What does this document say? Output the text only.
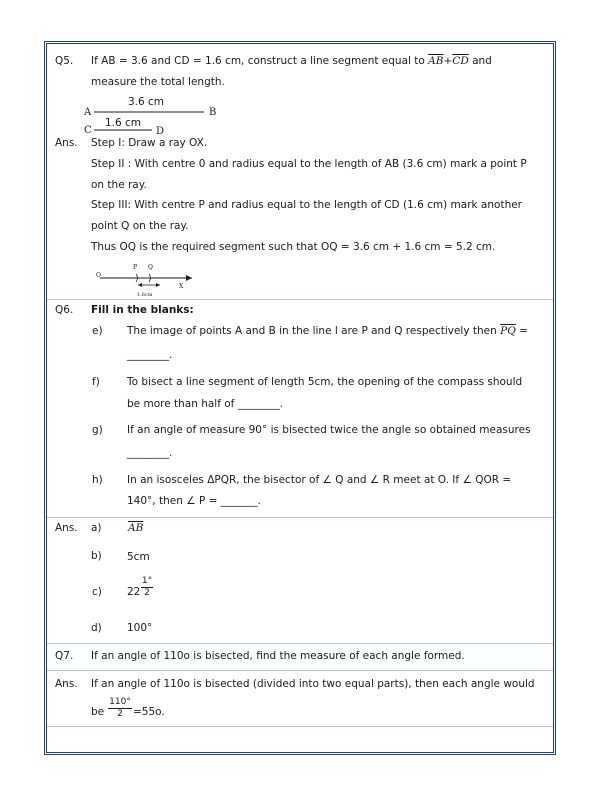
Q5. If AB = 3.6 and CD = 1.6 cm, construct a line segment equal to $\overline{AB}+\overline{CD}$ and
measure the total length.
3.6 cm
A	B
1.6 cm
C	D
Ans. Step I: Draw a ray OX.
Step II : With centre 0 and radius equal to the length of AB (3.6 cm) mark a point P
on the ray.
Step III: With centre P and radius equal to the length of CD (1.6 cm) mark another
point Q on the ray.
Thus OQ is the required segment such that OQ = 3.6 cm + 1.6 cm = 5.2 cm.
O
P Q
X
1.6cm
Q6. Fill in the blanks:
e) The image of points A and B in the line l are P and Q respectively then $\overline{PQ}$ =
________.
f)	To bisect a line segment of length 5cm, the opening of the compass should
be more than half of ________.
g) If an angle of measure 90° is bisected twice the angle so obtained measures
________.
h) In an isosceles ΔPQR, the bisector of ∠ Q and ∠ R meet at O. If ∠ QOR =
140°, then ∠ P = _______.
Ans. a)	$\overline{AB}$
b) 5cm
c) $22 \frac{1^\circ}{2}$
d) 100°
Q7. If an angle of 110o is bisected, find the measure of each angle formed.
Ans. If an angle of 110o is bisected (divided into two equal parts), then each angle would
be $\frac{110^\circ}{2} =55o$.
